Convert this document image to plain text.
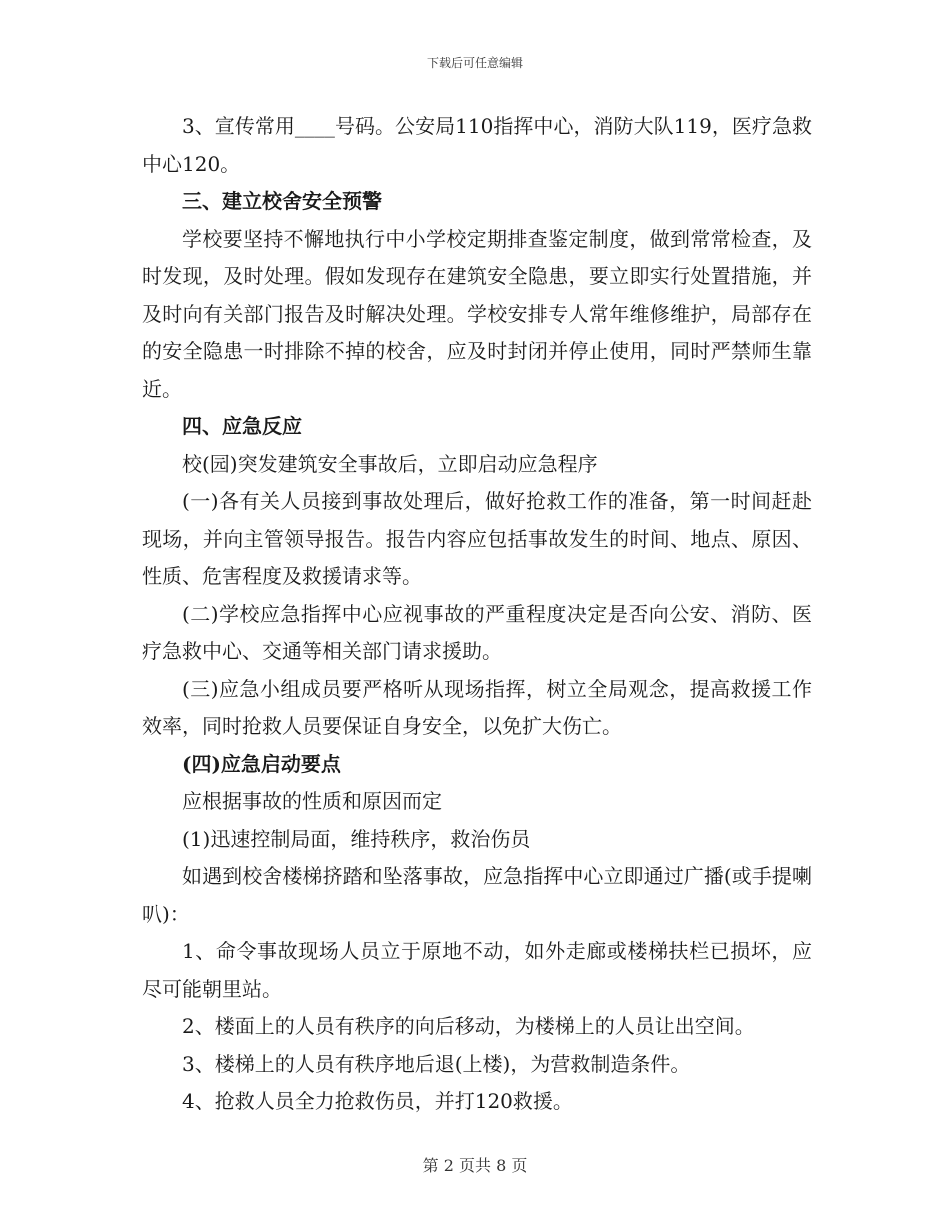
下载后可任意编辑

3、宣传常用____号码。公安局110指挥中心，消防大队119，医疗急救中心120。

三、建立校舍安全预警

学校要坚持不懈地执行中小学校定期排查鉴定制度，做到常常检查，及时发现，及时处理。假如发现存在建筑安全隐患，要立即实行处置措施，并及时向有关部门报告及时解决处理。学校安排专人常年维修维护，局部存在的安全隐患一时排除不掉的校舍，应及时封闭并停止使用，同时严禁师生靠近。

四、应急反应

校(园)突发建筑安全事故后，立即启动应急程序

(一)各有关人员接到事故处理后，做好抢救工作的准备，第一时间赶赴现场，并向主管领导报告。报告内容应包括事故发生的时间、地点、原因、性质、危害程度及救援请求等。

(二)学校应急指挥中心应视事故的严重程度决定是否向公安、消防、医疗急救中心、交通等相关部门请求援助。

(三)应急小组成员要严格听从现场指挥，树立全局观念，提高救援工作效率，同时抢救人员要保证自身安全，以免扩大伤亡。

(四)应急启动要点

应根据事故的性质和原因而定

(1)迅速控制局面，维持秩序，救治伤员

如遇到校舍楼梯挤踏和坠落事故，应急指挥中心立即通过广播(或手提喇叭)：

1、命令事故现场人员立于原地不动，如外走廊或楼梯扶栏已损坏，应尽可能朝里站。

2、楼面上的人员有秩序的向后移动，为楼梯上的人员让出空间。

3、楼梯上的人员有秩序地后退(上楼)，为营救制造条件。

4、抢救人员全力抢救伤员，并打120救援。

第 2 页共 8 页
